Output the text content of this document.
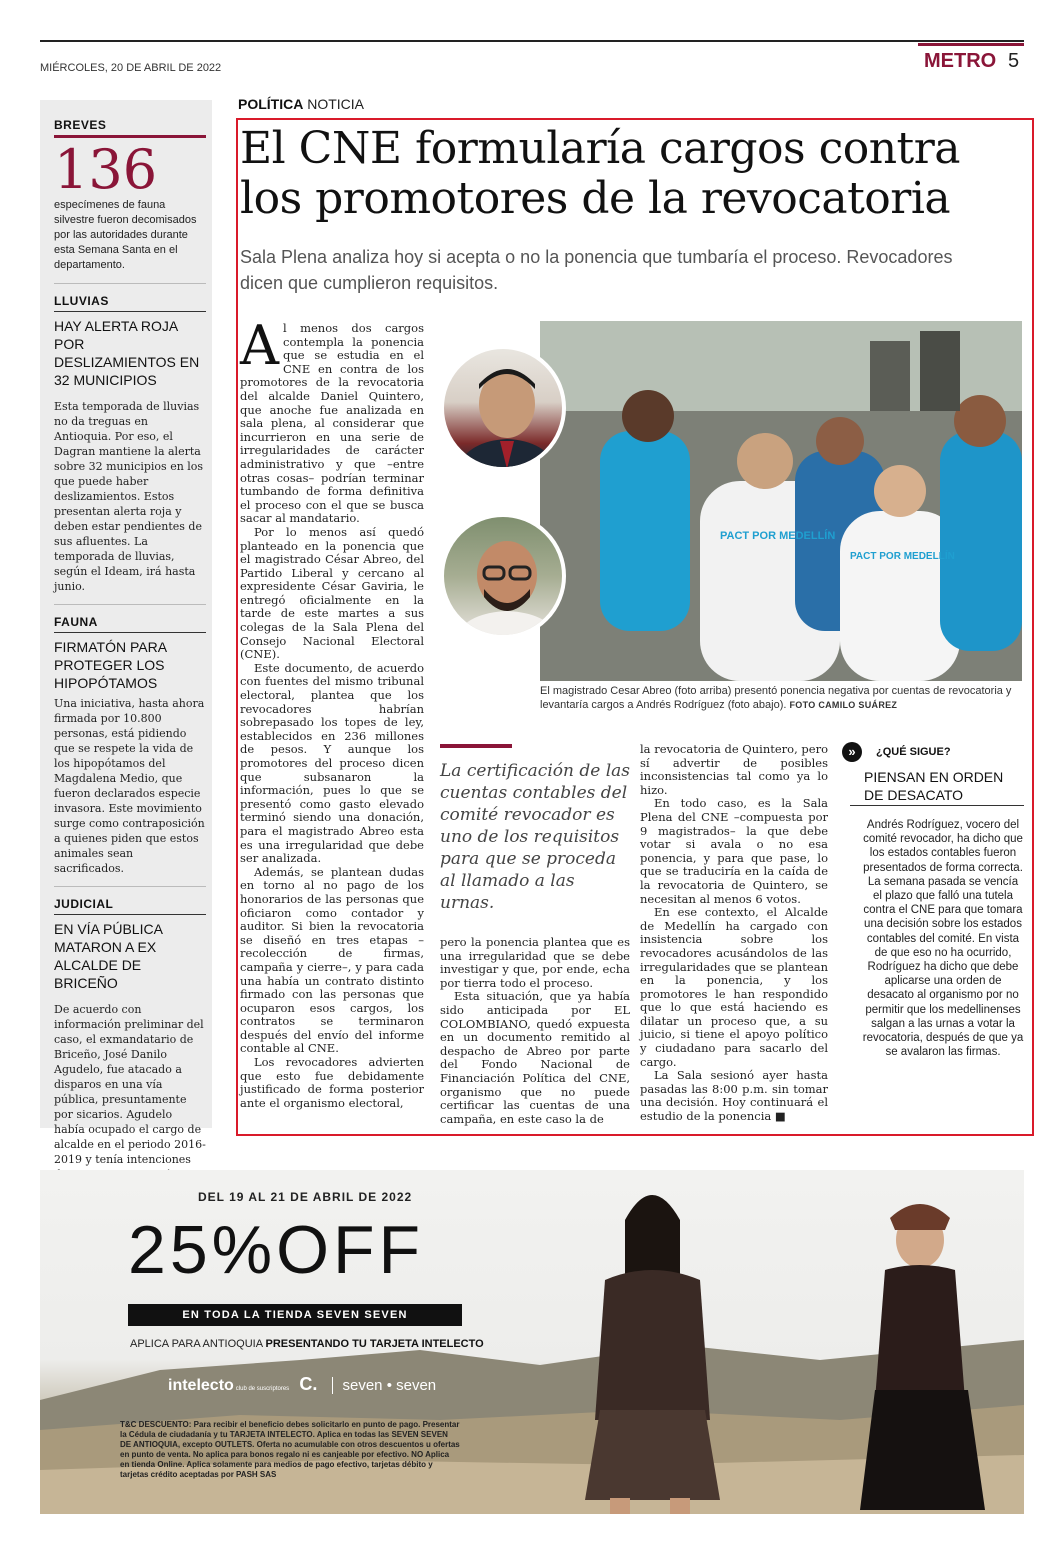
MIÉRCOLES, 20 DE ABRIL DE 2022	METRO 5
BREVES
136
especímenes de fauna silvestre fueron decomisados por las autoridades durante esta Semana Santa en el departamento.
LLUVIAS
HAY ALERTA ROJA POR DESLIZAMIENTOS EN 32 MUNICIPIOS
Esta temporada de lluvias no da treguas en Antioquia. Por eso, el Dagran mantiene la alerta sobre 32 municipios en los que puede haber deslizamientos. Estos presentan alerta roja y deben estar pendientes de sus afluentes. La temporada de lluvias, según el Ideam, irá hasta junio.
FAUNA
FIRMATÓN PARA PROTEGER LOS HIPOPÓTAMOS
Una iniciativa, hasta ahora firmada por 10.800 personas, está pidiendo que se respete la vida de los hipopótamos del Magdalena Medio, que fueron declarados especie invasora. Este movimiento surge como contraposición a quienes piden que estos animales sean sacrificados.
JUDICIAL
EN VÍA PÚBLICA MATARON A EX ALCALDE DE BRICEÑO
De acuerdo con información preliminar del caso, el exmandatario de Briceño, José Danilo Agudelo, fue atacado a disparos en una vía pública, presuntamente por sicarios. Agudelo había ocupado el cargo de alcalde en el periodo 2016-2019 y tenía intenciones
POLÍTICA NOTICIA
El CNE formularía cargos contra los promotores de la revocatoria
Sala Plena analiza hoy si acepta o no la ponencia que tumbaría el proceso. Revocadores dicen que cumplieron requisitos.

Al menos dos cargos contempla la ponencia que se estudia en el CNE en contra de los promotores de la revocatoria del alcalde Daniel Quintero, que anoche fue analizada en sala plena, al considerar que incurrieron en una serie de irregularidades de carácter administrativo y que –entre otras cosas– podrían terminar tumbando de forma definitiva el proceso con el que se busca sacar al mandatario.

Por lo menos así quedó planteado en la ponencia que el magistrado César Abreo, del Partido Liberal y cercano al expresidente César Gaviria, le entregó oficialmente en la tarde de este martes a sus colegas de la Sala Plena del Consejo Nacional Electoral (CNE).

Este documento, de acuerdo con fuentes del mismo tribunal electoral, plantea que los revocadores habrían sobrepasado los topes de ley, establecidos en 236 millones de pesos. Y aunque los promotores del proceso dicen que subsanaron la información, pues lo que se presentó como gasto elevado terminó siendo una donación, para el magistrado Abreo esta es una irregularidad que debe ser analizada.

Además, se plantean dudas en torno al no pago de los honorarios de las personas que oficiaron como contador y auditor. Si bien la revocatoria se diseñó en tres etapas –recolección de firmas, campaña y cierre–, y para cada una había un contrato distinto firmado con las personas que ocuparon esos cargos, los contratos se terminaron después del envío del informe contable al CNE.

Los revocadores advierten que esto fue debidamente justificado de forma posterior ante el organismo electoral,

PACT POR MEDELLÍN
PACT POR MEDELLÍN
El magistrado Cesar Abreo (foto arriba) presentó ponencia negativa por cuentas de revocatoria y levantaría cargos a Andrés Rodríguez (foto abajo). FOTO CAMILO SUÁREZ
La certificación de las cuentas contables del comité revocador es uno de los requisitos para que se proceda al llamado a las urnas.

pero la ponencia plantea que es una irregularidad que se debe investigar y que, por ende, echa por tierra todo el proceso.

Esta situación, que ya había sido anticipada por EL COLOMBIANO, quedó expuesta en un documento remitido al despacho de Abreo por parte del Fondo Nacional de Financiación Política del CNE, organismo que no puede certificar las cuentas de una campaña, en este caso la de

la revocatoria de Quintero, pero sí advertir de posibles inconsistencias tal como ya lo hizo.

En todo caso, es la Sala Plena del CNE –compuesta por 9 magistrados– la que debe votar si avala o no esa ponencia, y para que pase, lo que se traduciría en la caída de la revocatoria de Quintero, se necesitan al menos 6 votos.

En ese contexto, el Alcalde de Medellín ha cargado con insistencia sobre los revocadores acusándolos de las irregularidades que se plantean en la ponencia, y los promotores le han respondido que lo que está haciendo es dilatar un proceso que, a su juicio, si tiene el apoyo político y ciudadano para sacarlo del cargo.

La Sala sesionó ayer hasta pasadas las 8:00 p.m. sin tomar una decisión. Hoy continuará el estudio de la ponencia ■

»	¿QUÉ SIGUE?
PIENSAN EN ORDEN DE DESACATO
Andrés Rodríguez, vocero del comité revocador, ha dicho que los estados contables fueron presentados de forma correcta. La semana pasada se vencía el plazo que falló una tutela contra el CNE para que tomara una decisión sobre los estados contables del comité. En vista de que eso no ha ocurrido, Rodríguez ha dicho que debe aplicarse una orden de desacato al organismo por no permitir que los medellinenses salgan a las urnas a votar la revocatoria, después de que ya se avalaron las firmas.
DEL 19 AL 21 DE ABRIL DE 2022
25%OFF
EN TODA LA TIENDA SEVEN SEVEN
APLICA PARA ANTIOQUIA PRESENTANDO TU TARJETA INTELECTO
intelecto club de suscriptores C. seven • seven
T&C DESCUENTO: Para recibir el beneficio debes solicitarlo en punto de pago. Presentar la Cédula de ciudadanía y tu TARJETA INTELECTO. Aplica en todas las SEVEN SEVEN DE ANTIOQUIA, excepto OUTLETS. Oferta no acumulable con otros descuentos u ofertas en punto de venta. No aplica para bonos regalo ni es canjeable por efectivo. NO Aplica en tienda Online. Aplica solamente para medios de pago efectivo, tarjetas débito y tarjetas crédito aceptadas por PASH SAS
